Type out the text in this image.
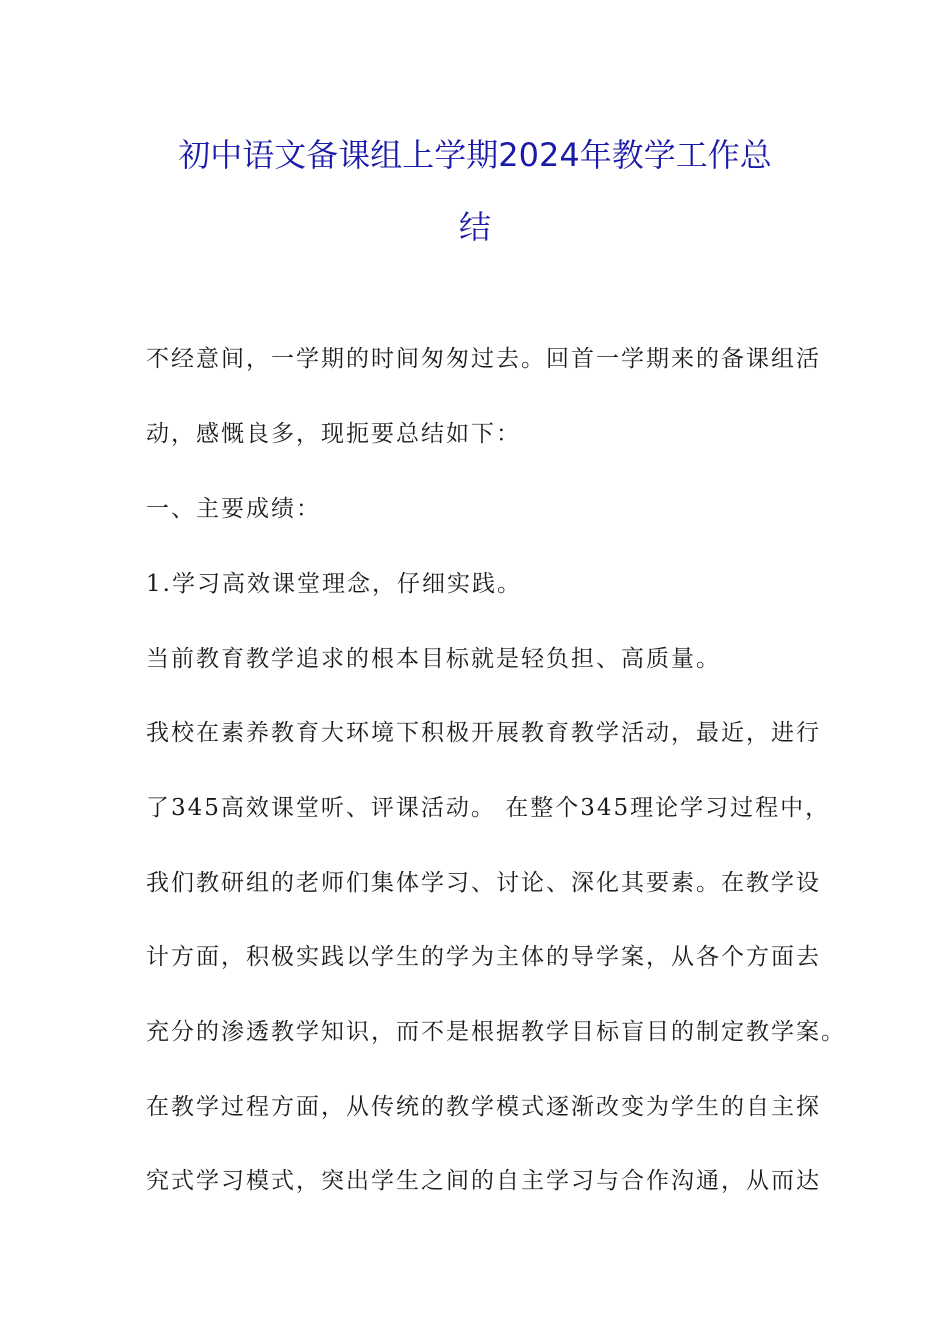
初中语文备课组上学期2024年教学工作总
结
不经意间，一学期的时间匆匆过去。回首一学期来的备课组活
动，感慨良多，现扼要总结如下：
一、主要成绩：
1.学习高效课堂理念，仔细实践。
当前教育教学追求的根本目标就是轻负担、高质量。
我校在素养教育大环境下积极开展教育教学活动，最近，进行
了345高效课堂听、评课活动。 在整个345理论学习过程中，
我们教研组的老师们集体学习、讨论、深化其要素。在教学设
计方面，积极实践以学生的学为主体的导学案，从各个方面去
充分的渗透教学知识，而不是根据教学目标盲目的制定教学案。
在教学过程方面，从传统的教学模式逐渐改变为学生的自主探
究式学习模式，突出学生之间的自主学习与合作沟通，从而达
